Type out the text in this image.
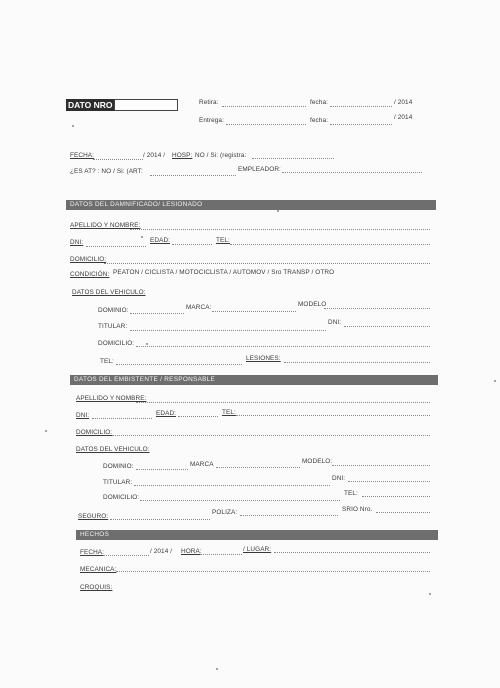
DATO NRO	Retira:	fecha:	/ 2014
Entrega:	fecha:	/ 2014
FECHA:	/ 2014 / HOSP: NO / Si: (registra:
¿ES AT? : NO / Si: (ART:	EMPLEADOR:
DATOS DEL DAMNIFICADO/ LESIONADO
APELLIDO Y NOMBRE:
DNI:	EDAD:	TEL:
DOMICILIO:
CONDICIÓN: PEATON / CICLISTA / MOTOCICLISTA / AUTOMOV / Sro TRANSP / OTRO
DATOS DEL VEHICULO:
DOMINIO:	MARCA:	MODELO
TITULAR:
DNI:
DOMICILIO:
TEL:	LESIONES:
DATOS DEL EMBISTENTE / RESPONSABLE
APELLIDO Y NOMBRE:
DNI:	EDAD:	TEL:
DOMICILIO:
DATOS DEL VEHICULO:
DOMINIO:	MARCA	MODELO:
TITULAR:
DNI:
DOMICILIO:
TEL:
SEGURO:
POLIZA:	SRIO Nro.
HECHOS
FECHA:	/ 2014 / HORA:	/ LUGAR:
MECANICA:
CROQUIS:
